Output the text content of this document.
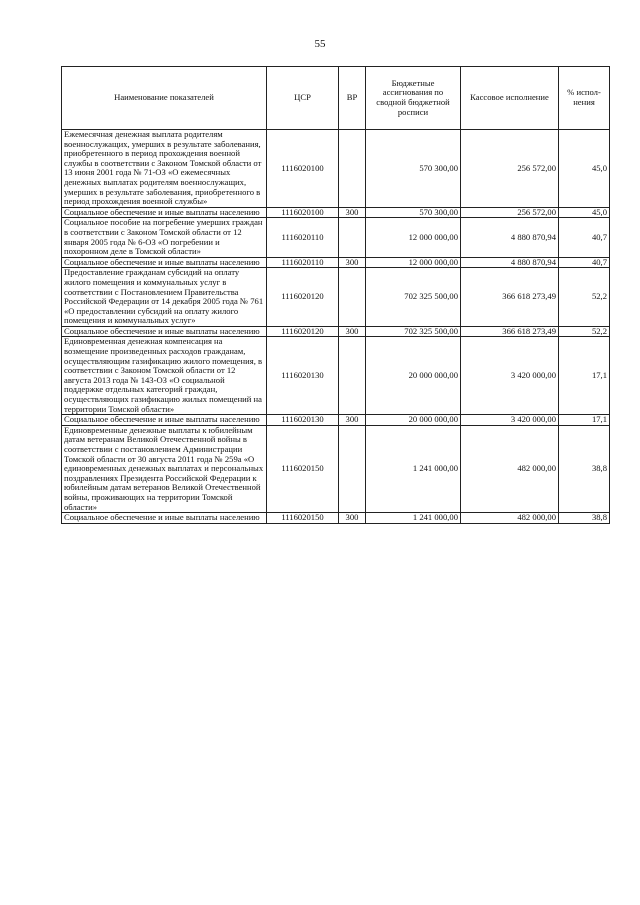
55
Наименование показателей	ЦСР	ВР	Бюджетные ассигнования по сводной бюджетной росписи	Кассовое исполнение	% испол-нения
Ежемесячная денежная выплата родителям военнослужащих, умерших в результате заболевания, приобретенного в период прохождения военной службы в соответствии с Законом Томской области от 13 июня 2001 года № 71-ОЗ «О ежемесячных денежных выплатах родителям военнослужащих, умерших в результате заболевания, приобретенного в период прохождения военной службы»	1116020100		570 300,00	256 572,00	45,0
Социальное обеспечение и иные выплаты населению	1116020100	300	570 300,00	256 572,00	45,0
Социальное пособие на погребение умерших граждан в соответствии с Законом Томской области от 12 января 2005 года № 6-ОЗ «О погребении и похоронном деле в Томской области»	1116020110		12 000 000,00	4 880 870,94	40,7
Социальное обеспечение и иные выплаты населению	1116020110	300	12 000 000,00	4 880 870,94	40,7
Предоставление гражданам субсидий на оплату жилого помещения и коммунальных услуг в соответствии с Постановлением Правительства Российской Федерации от 14 декабря 2005 года № 761 «О предоставлении субсидий на оплату жилого помещения и коммунальных услуг»	1116020120		702 325 500,00	366 618 273,49	52,2
Социальное обеспечение и иные выплаты населению	1116020120	300	702 325 500,00	366 618 273,49	52,2
Единовременная денежная компенсация на возмещение произведенных расходов гражданам, осуществляющим газификацию жилого помещения, в соответствии с Законом Томской области от 12 августа 2013 года № 143-ОЗ «О социальной поддержке отдельных категорий граждан, осуществляющих газификацию жилых помещений на территории Томской области»	1116020130		20 000 000,00	3 420 000,00	17,1
Социальное обеспечение и иные выплаты населению	1116020130	300	20 000 000,00	3 420 000,00	17,1
Единовременные денежные выплаты к юбилейным датам ветеранам Великой Отечественной войны в соответствии с постановлением Администрации Томской области от 30 августа 2011 года № 259а «О единовременных денежных выплатах и персональных поздравлениях Президента Российской Федерации к юбилейным датам ветеранов Великой Отечественной войны, проживающих на территории Томской области»	1116020150		1 241 000,00	482 000,00	38,8
Социальное обеспечение и иные выплаты населению	1116020150	300	1 241 000,00	482 000,00	38,8
